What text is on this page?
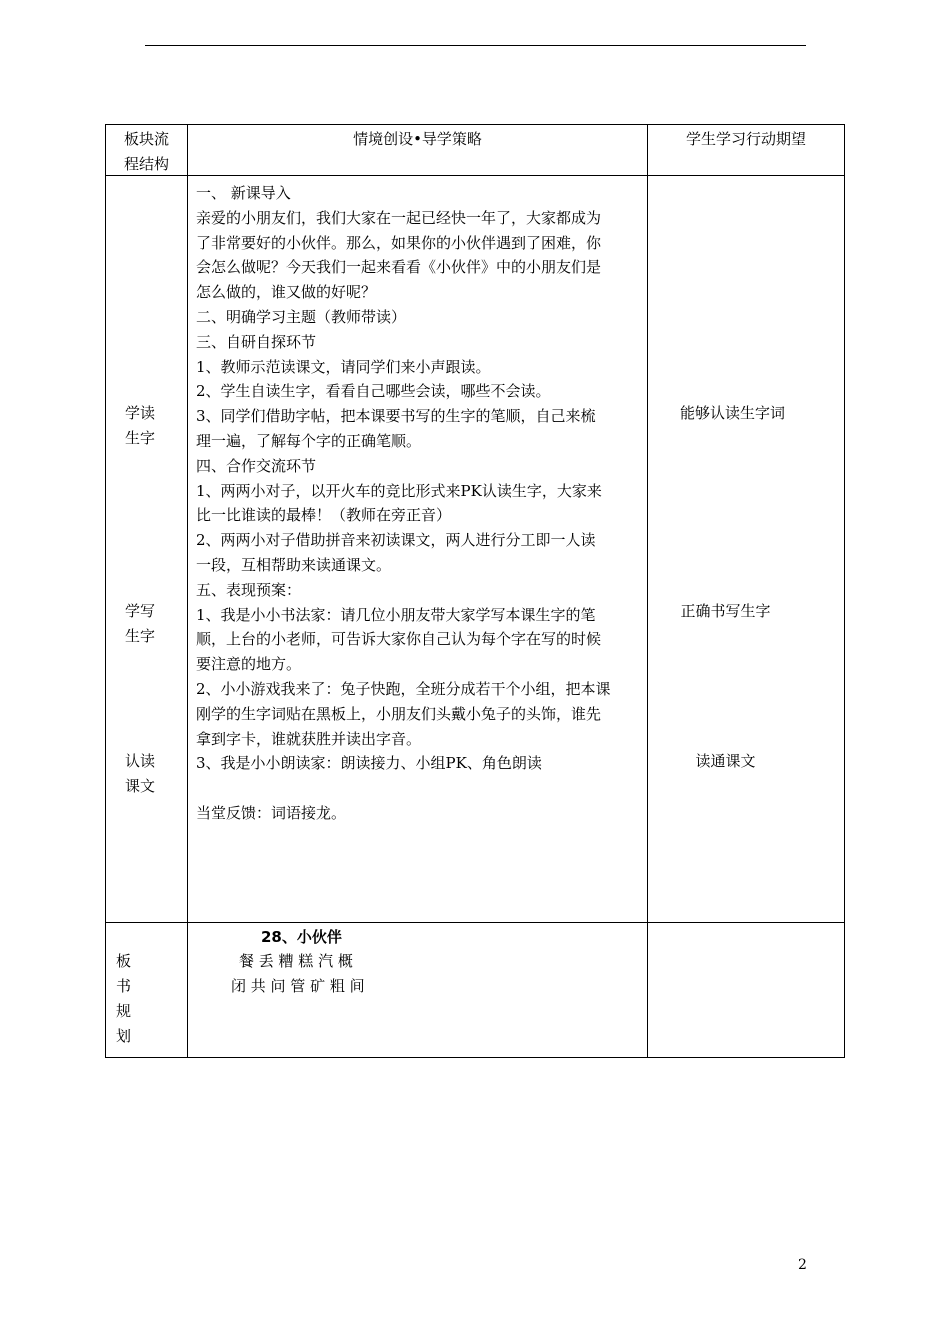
板块流
程结构
情境创设•导学策略	学生学习行动期望
学读
生字
学写
生字
认读
课文
一、 新课导入
亲爱的小朋友们，我们大家在一起已经快一年了，大家都成为
了非常要好的小伙伴。那么，如果你的小伙伴遇到了困难，你
会怎么做呢？今天我们一起来看看《小伙伴》中的小朋友们是
怎么做的，谁又做的好呢？
二、明确学习主题（教师带读）
三、自研自探环节
1、教师示范读课文，请同学们来小声跟读。
2、学生自读生字，看看自己哪些会读，哪些不会读。
3、同学们借助字帖，把本课要书写的生字的笔顺，自己来梳
理一遍，了解每个字的正确笔顺。
四、合作交流环节
1、两两小对子，以开火车的竞比形式来PK认读生字，大家来
比一比谁读的最棒！（教师在旁正音）
2、两两小对子借助拼音来初读课文，两人进行分工即一人读
一段，互相帮助来读通课文。
五、表现预案：
1、我是小小书法家：请几位小朋友带大家学写本课生字的笔
顺，上台的小老师，可告诉大家你自己认为每个字在写的时候
要注意的地方。
2、小小游戏我来了：兔子快跑，全班分成若干个小组，把本课
刚学的生字词贴在黑板上，小朋友们头戴小兔子的头饰，谁先
拿到字卡，谁就获胜并读出字音。
3、我是小小朗读家：朗读接力、小组PK、角色朗读
当堂反馈：词语接龙。
能够认读生字词
正确书写生字
读通课文
板
书
规
划
28、小伙伴
餐 丢 糟 糕 汽 概
闭 共 问 管 矿 粗 间
2
